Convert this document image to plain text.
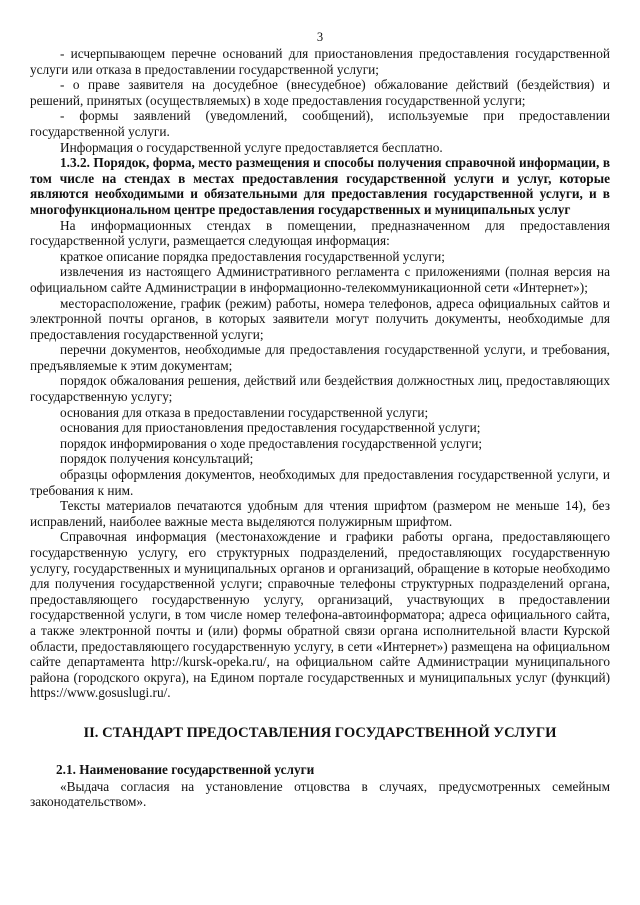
3

- исчерпывающем перечне оснований для приостановления предоставления государственной услуги или отказа в предоставлении государственной услуги;

- о праве заявителя на досудебное (внесудебное) обжалование действий (бездействия) и решений, принятых (осуществляемых) в ходе предоставления государственной услуги;

- формы заявлений (уведомлений, сообщений), используемые при предоставлении государственной услуги.

Информация о государственной услуге предоставляется бесплатно.

1.3.2. Порядок, форма, место размещения и способы получения справочной информации, в том числе на стендах в местах предоставления государственной услуги и услуг, которые являются необходимыми и обязательными для предоставления государственной услуги, и в многофункциональном центре предоставления государственных и муниципальных услуг

На информационных стендах в помещении, предназначенном для предоставления государственной услуги, размещается следующая информация:

краткое описание порядка предоставления государственной услуги;

извлечения из настоящего Административного регламента с приложениями (полная версия на официальном сайте Администрации в информационно-телекоммуникационной сети «Интернет»);

месторасположение, график (режим) работы, номера телефонов, адреса официальных сайтов и электронной почты органов, в которых заявители могут получить документы, необходимые для предоставления государственной услуги;

перечни документов, необходимые для предоставления государственной услуги, и требования, предъявляемые к этим документам;

порядок обжалования решения, действий или бездействия должностных лиц, предоставляющих государственную услугу;

основания для отказа в предоставлении государственной услуги;

основания для приостановления предоставления государственной услуги;

порядок информирования о ходе предоставления государственной услуги;

порядок получения консультаций;

образцы оформления документов, необходимых для предоставления государственной услуги, и требования к ним.

Тексты материалов печатаются удобным для чтения шрифтом (размером не меньше 14), без исправлений, наиболее важные места выделяются полужирным шрифтом.

Справочная информация (местонахождение и графики работы органа, предоставляющего государственную услугу, его структурных подразделений, предоставляющих государственную услугу, государственных и муниципальных органов и организаций, обращение в которые необходимо для получения государственной услуги; справочные телефоны структурных подразделений органа, предоставляющего государственную услугу, организаций, участвующих в предоставлении государственной услуги, в том числе номер телефона-автоинформатора; адреса официального сайта, а также электронной почты и (или) формы обратной связи органа исполнительной власти Курской области, предоставляющего государственную услугу, в сети «Интернет») размещена на официальном сайте департамента http://kursk-opeka.ru/, на официальном сайте Администрации муниципального района (городского округа), на Едином портале государственных и муниципальных услуг (функций) https://www.gosuslugi.ru/.

II. СТАНДАРТ ПРЕДОСТАВЛЕНИЯ ГОСУДАРСТВЕННОЙ УСЛУГИ

2.1. Наименование государственной услуги

«Выдача согласия на установление отцовства в случаях, предусмотренных семейным законодательством».
